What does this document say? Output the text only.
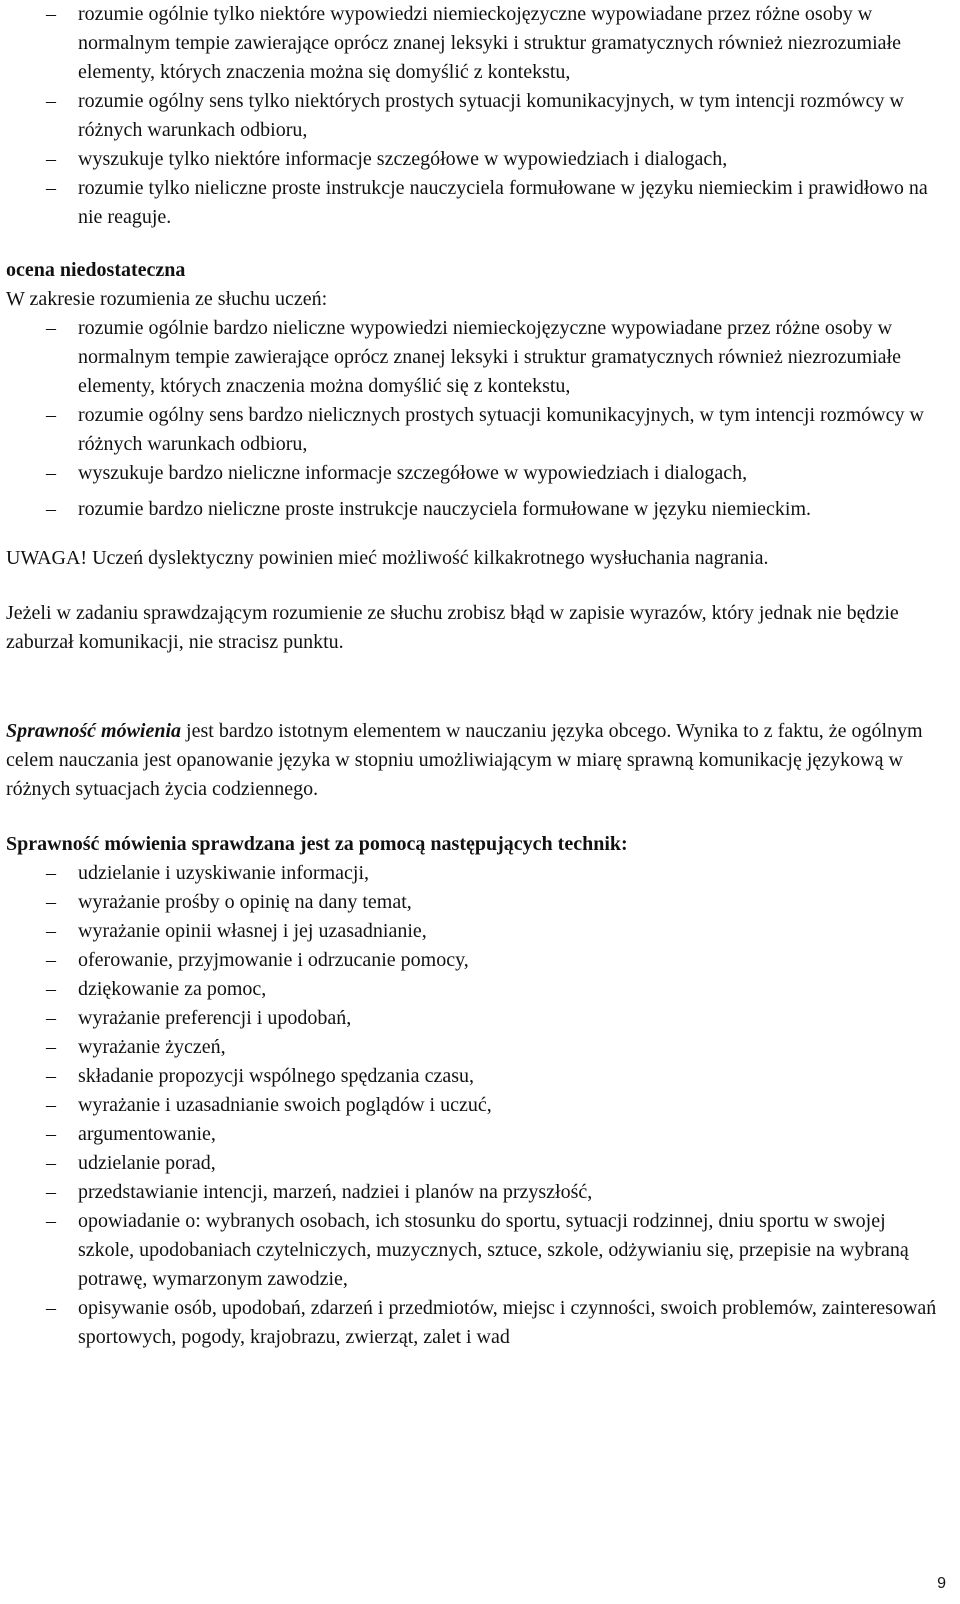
–	rozumie ogólnie tylko niektóre wypowiedzi niemieckojęzyczne wypowiadane przez różne osoby w normalnym tempie zawierające oprócz znanej leksyki i struktur gramatycznych również niezrozumiałe elementy, których znaczenia można się domyślić z kontekstu,
–	rozumie ogólny sens tylko niektórych prostych sytuacji komunikacyjnych, w tym intencji rozmówcy w różnych warunkach odbioru,
–	wyszukuje tylko niektóre informacje szczegółowe w wypowiedziach i dialogach,
–	rozumie tylko nieliczne proste instrukcje nauczyciela formułowane w języku niemieckim i prawidłowo na nie reaguje.

ocena niedostateczna

W zakresie rozumienia ze słuchu uczeń:

–	rozumie ogólnie bardzo nieliczne wypowiedzi niemieckojęzyczne wypowiadane przez różne osoby w normalnym tempie zawierające oprócz znanej leksyki i struktur gramatycznych również niezrozumiałe elementy, których znaczenia można domyślić się z kontekstu,
–	rozumie ogólny sens bardzo nielicznych prostych sytuacji komunikacyjnych, w tym intencji rozmówcy w różnych warunkach odbioru,
–	wyszukuje bardzo nieliczne informacje szczegółowe w wypowiedziach i dialogach,
–	rozumie bardzo nieliczne proste instrukcje nauczyciela formułowane w języku niemieckim.

UWAGA! Uczeń dyslektyczny powinien mieć możliwość kilkakrotnego wysłuchania nagrania.

Jeżeli w zadaniu sprawdzającym rozumienie ze słuchu zrobisz błąd w zapisie wyrazów, który jednak nie będzie zaburzał komunikacji, nie stracisz punktu.

Sprawność mówienia jest bardzo istotnym elementem w nauczaniu języka obcego. Wynika to z faktu, że ogólnym celem nauczania jest opanowanie języka w stopniu umożliwiającym w miarę sprawną komunikację językową w różnych sytuacjach życia codziennego.

Sprawność mówienia sprawdzana jest za pomocą następujących technik:

–	udzielanie i uzyskiwanie informacji,
–	wyrażanie prośby o opinię na dany temat,
–	wyrażanie opinii własnej i jej uzasadnianie,
–	oferowanie, przyjmowanie i odrzucanie pomocy,
–	dziękowanie za pomoc,
–	wyrażanie preferencji i upodobań,
–	wyrażanie życzeń,
–	składanie propozycji wspólnego spędzania czasu,
–	wyrażanie i uzasadnianie swoich poglądów i uczuć,
–	argumentowanie,
–	udzielanie porad,
–	przedstawianie intencji, marzeń, nadziei i planów na przyszłość,
–	opowiadanie o: wybranych osobach, ich stosunku do sportu, sytuacji rodzinnej, dniu sportu w swojej szkole, upodobaniach czytelniczych, muzycznych, sztuce, szkole, odżywianiu się, przepisie na wybraną potrawę, wymarzonym zawodzie,
–	opisywanie osób, upodobań, zdarzeń i przedmiotów, miejsc i czynności, swoich problemów, zainteresowań sportowych, pogody, krajobrazu, zwierząt, zalet i wad
9
